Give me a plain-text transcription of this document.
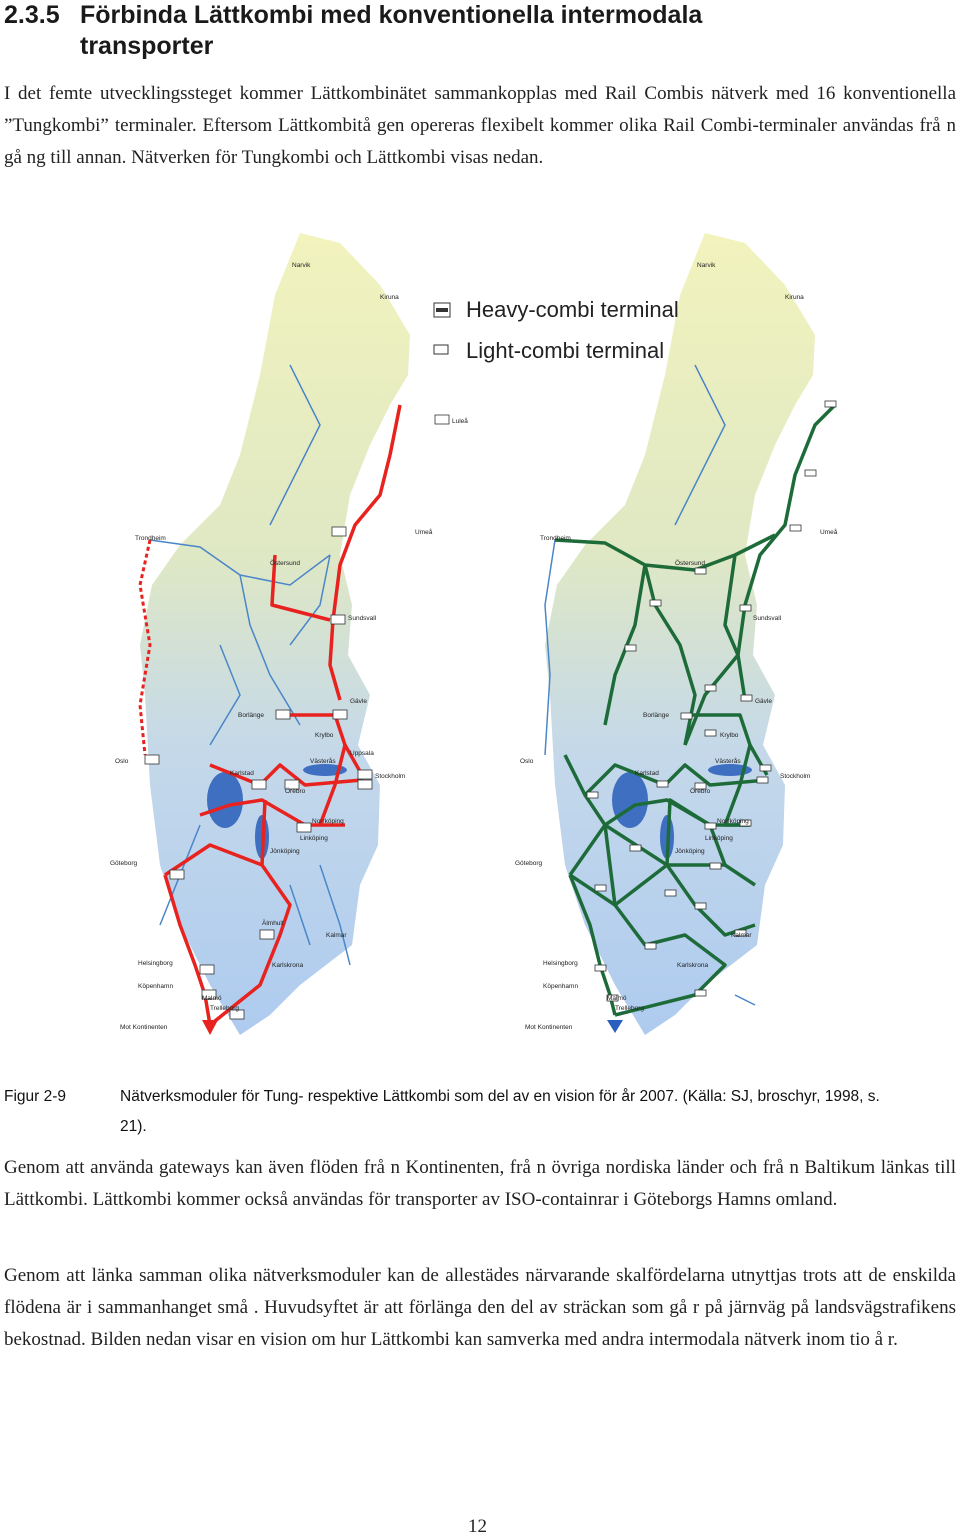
2.3.5 Förbinda Lättkombi med konventionella intermodala
transporter

I det femte utvecklingssteget kommer Lättkombinätet sammankopplas med Rail Combis nätverk med 16 konventionella ”Tungkombi” terminaler. Eftersom Lättkombitå gen opereras flexibelt kommer olika Rail Combi-terminaler användas frå n gå ng till annan. Nätverken för Tungkombi och Lättkombi visas nedan.

Narvik
Kiruna
Luleå
Umeå
Trondheim
Östersund
Sundsvall
Gävle
Borlänge
Krylbo
Västerås
Uppsala
Oslo
Karlstad
Örebro
Stockholm
Norrköping
Linköping
Jönköping
Göteborg
Älmhult
Kalmar
Helsingborg	Karlskrona
Köpenhamn
Malmö
Trelleborg
Mot Kontinenten
Narvik
Kiruna
Umeå
Trondheim
Östersund
Sundsvall
Gävle
Borlänge
Krylbo
Västerås
Oslo
Karlstad
Örebro
Stockholm
Norrköping
Linköping
Jönköping
Göteborg
Kalmar
Helsingborg	Karlskrona
Köpenhamn
Malmö
Trelleborg
Mot Kontinenten
Heavy-combi terminal
Light-combi terminal
Figur 2-9	Nätverksmoduler för Tung- respektive Lättkombi som del av en vision för år 2007. (Källa: SJ, broschyr, 1998, s. 21).

Genom att använda gateways kan även flöden frå n Kontinenten, frå n övriga nordiska länder och frå n Baltikum länkas till Lättkombi. Lättkombi kommer också användas för transporter av ISO-containrar i Göteborgs Hamns omland.

Genom att länka samman olika nätverksmoduler kan de allestädes närvarande skalfördelarna utnyttjas trots att de enskilda flödena är i sammanhanget små . Huvudsyftet är att förlänga den del av sträckan som gå r på järnväg på landsvägstrafikens bekostnad. Bilden nedan visar en vision om hur Lättkombi kan samverka med andra intermodala nätverk inom tio å r.

12
